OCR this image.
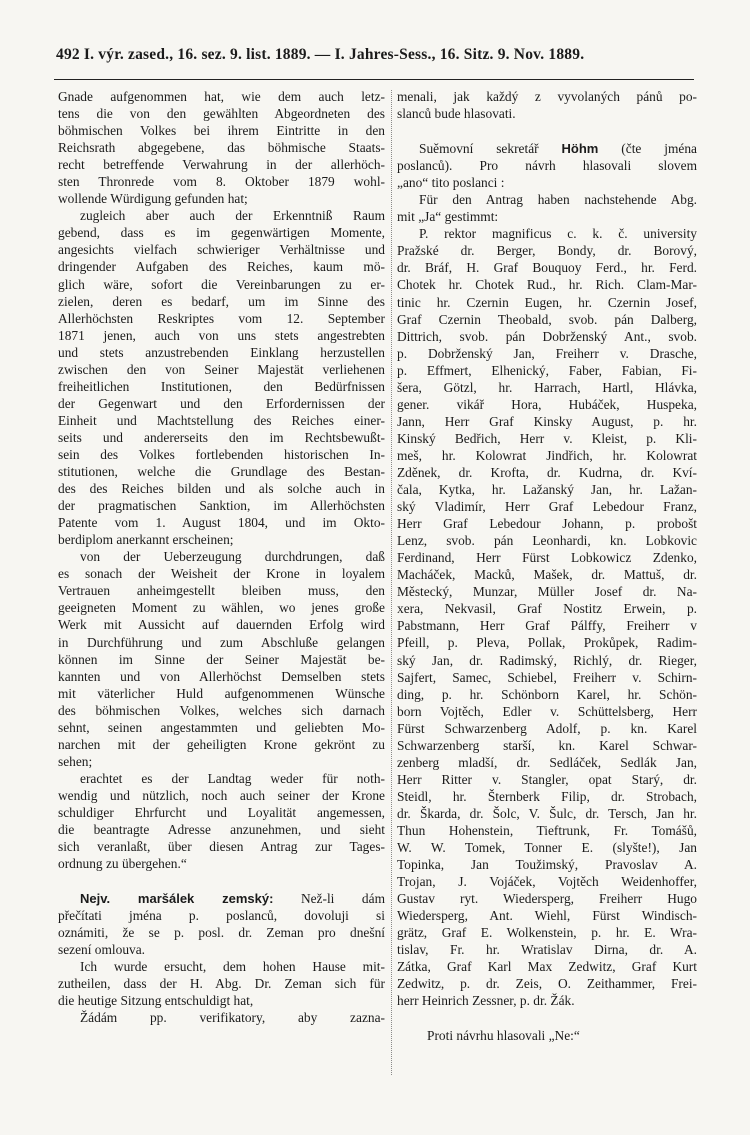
492 I. výr. zased., 16. sez. 9. list. 1889. — I. Jahres-Sess., 16. Sitz. 9. Nov. 1889.
Gnade aufgenommen hat, wie dem auch letz-
tens die von den gewählten Abgeordneten des
böhmischen Volkes bei ihrem Eintritte in den
Reichsrath abgegebene, das böhmische Staats-
recht betreffende Verwahrung in der allerhöch-
sten Thronrede vom 8. Oktober 1879 wohl-
wollende Würdigung gefunden hat;
zugleich aber auch der Erkenntniß Raum
gebend, dass es im gegenwärtigen Momente,
angesichts vielfach schwieriger Verhältnisse und
dringender Aufgaben des Reiches, kaum mö-
glich wäre, sofort die Vereinbarungen zu er-
zielen, deren es bedarf, um im Sinne des
Allerhöchsten Reskriptes vom 12. September
1871 jenen, auch von uns stets angestrebten
und stets anzustrebenden Einklang herzustellen
zwischen den von Seiner Majestät verliehenen
freiheitlichen Institutionen, den Bedürfnissen
der Gegenwart und den Erfordernissen der
Einheit und Machtstellung des Reiches einer-
seits und andererseits den im Rechtsbewußt-
sein des Volkes fortlebenden historischen In-
stitutionen, welche die Grundlage des Bestan-
des des Reiches bilden und als solche auch in
der pragmatischen Sanktion, im Allerhöchsten
Patente vom 1. August 1804, und im Okto-
berdiplom anerkannt erscheinen;
von der Ueberzeugung durchdrungen, daß
es sonach der Weisheit der Krone in loyalem
Vertrauen anheimgestellt bleiben muss, den
geeigneten Moment zu wählen, wo jenes große
Werk mit Aussicht auf dauernden Erfolg wird
in Durchführung und zum Abschluße gelangen
können im Sinne der Seiner Majestät be-
kannten und von Allerhöchst Demselben stets
mit väterlicher Huld aufgenommenen Wünsche
des böhmischen Volkes, welches sich darnach
sehnt, seinen angestammten und geliebten Mo-
narchen mit der geheiligten Krone gekrönt zu
sehen;
erachtet es der Landtag weder für noth-
wendig und nützlich, noch auch seiner der Krone
schuldiger Ehrfurcht und Loyalität angemessen,
die beantragte Adresse anzunehmen, und sieht
sich veranlaßt, über diesen Antrag zur Tages-
ordnung zu übergehen.“
Nejv. maršálek zemský: Než-li dám
přečítati jména p. poslanců, dovoluji si
oznámiti, že se p. posl. dr. Zeman pro dnešní
sezení omlouva.
Ich wurde ersucht, dem hohen Hause mit-
zutheilen, dass der H. Abg. Dr. Zeman sich für
die heutige Sitzung entschuldigt hat,
Žádám pp. verifikatory, aby zazna-
menali, jak každý z vyvolaných pánů po-
slanců bude hlasovati.
Suěmovní sekretář Höhm (čte jména
poslanců). Pro návrh hlasovali slovem
„ano“ tito poslanci :
Für den Antrag haben nachstehende Abg.
mit „Ja“ gestimmt:
P. rektor magnificus c. k. č. university
Pražské dr. Berger, Bondy, dr. Borový,
dr. Bráf, H. Graf Bouquoy Ferd., hr. Ferd.
Chotek hr. Chotek Rud., hr. Rich. Clam-Mar-
tinic hr. Czernin Eugen, hr. Czernin Josef,
Graf Czernin Theobald, svob. pán Dalberg,
Dittrich, svob. pán Dobrženský Ant., svob.
p. Dobrženský Jan, Freiherr v. Drasche,
p. Effmert, Elhenický, Faber, Fabian, Fi-
šera, Götzl, hr. Harrach, Hartl, Hlávka,
gener. vikář Hora, Hubáček, Huspeka,
Jann, Herr Graf Kinsky August, p. hr.
Kinský Bedřich, Herr v. Kleist, p. Kli-
meš, hr. Kolowrat Jindřich, hr. Kolowrat
Zděnek, dr. Krofta, dr. Kudrna, dr. Kví-
čala, Kytka, hr. Lažanský Jan, hr. Lažan-
ský Vladimír, Herr Graf Lebedour Franz,
Herr Graf Lebedour Johann, p. probošt
Lenz, svob. pán Leonhardi, kn. Lobkovic
Ferdinand, Herr Fürst Lobkowicz Zdenko,
Macháček, Macků, Mašek, dr. Mattuš, dr.
Městecký, Munzar, Müller Josef dr. Na-
xera, Nekvasil, Graf Nostitz Erwein, p.
Pabstmann, Herr Graf Pálffy, Freiherr v
Pfeill, p. Pleva, Pollak, Prokůpek, Radim-
ský Jan, dr. Radimský, Richlý, dr. Rieger,
Sajfert, Samec, Schiebel, Freiherr v. Schirn-
ding, p. hr. Schönborn Karel, hr. Schön-
born Vojtěch, Edler v. Schüttelsberg, Herr
Fürst Schwarzenberg Adolf, p. kn. Karel
Schwarzenberg starší, kn. Karel Schwar-
zenberg mladší, dr. Sedláček, Sedlák Jan,
Herr Ritter v. Stangler, opat Starý, dr.
Steidl, hr. Šternberk Filip, dr. Strobach,
dr. Škarda, dr. Šolc, V. Šulc, dr. Tersch, Jan hr.
Thun Hohenstein, Tieftrunk, Fr. Tomášů,
W. W. Tomek, Tonner E. (slyšte!), Jan
Topinka, Jan Toužimský, Pravoslav A.
Trojan, J. Vojáček, Vojtěch Weidenhoffer,
Gustav ryt. Wiedersperg, Freiherr Hugo
Wiedersperg, Ant. Wiehl, Fürst Windisch-
grätz, Graf E. Wolkenstein, p. hr. E. Wra-
tislav, Fr. hr. Wratislav Dirna, dr. A.
Zátka, Graf Karl Max Zedwitz, Graf Kurt
Zedwitz, p. dr. Zeis, O. Zeithammer, Frei-
herr Heinrich Zessner, p. dr. Žák.
Proti návrhu hlasovali „Ne:“
